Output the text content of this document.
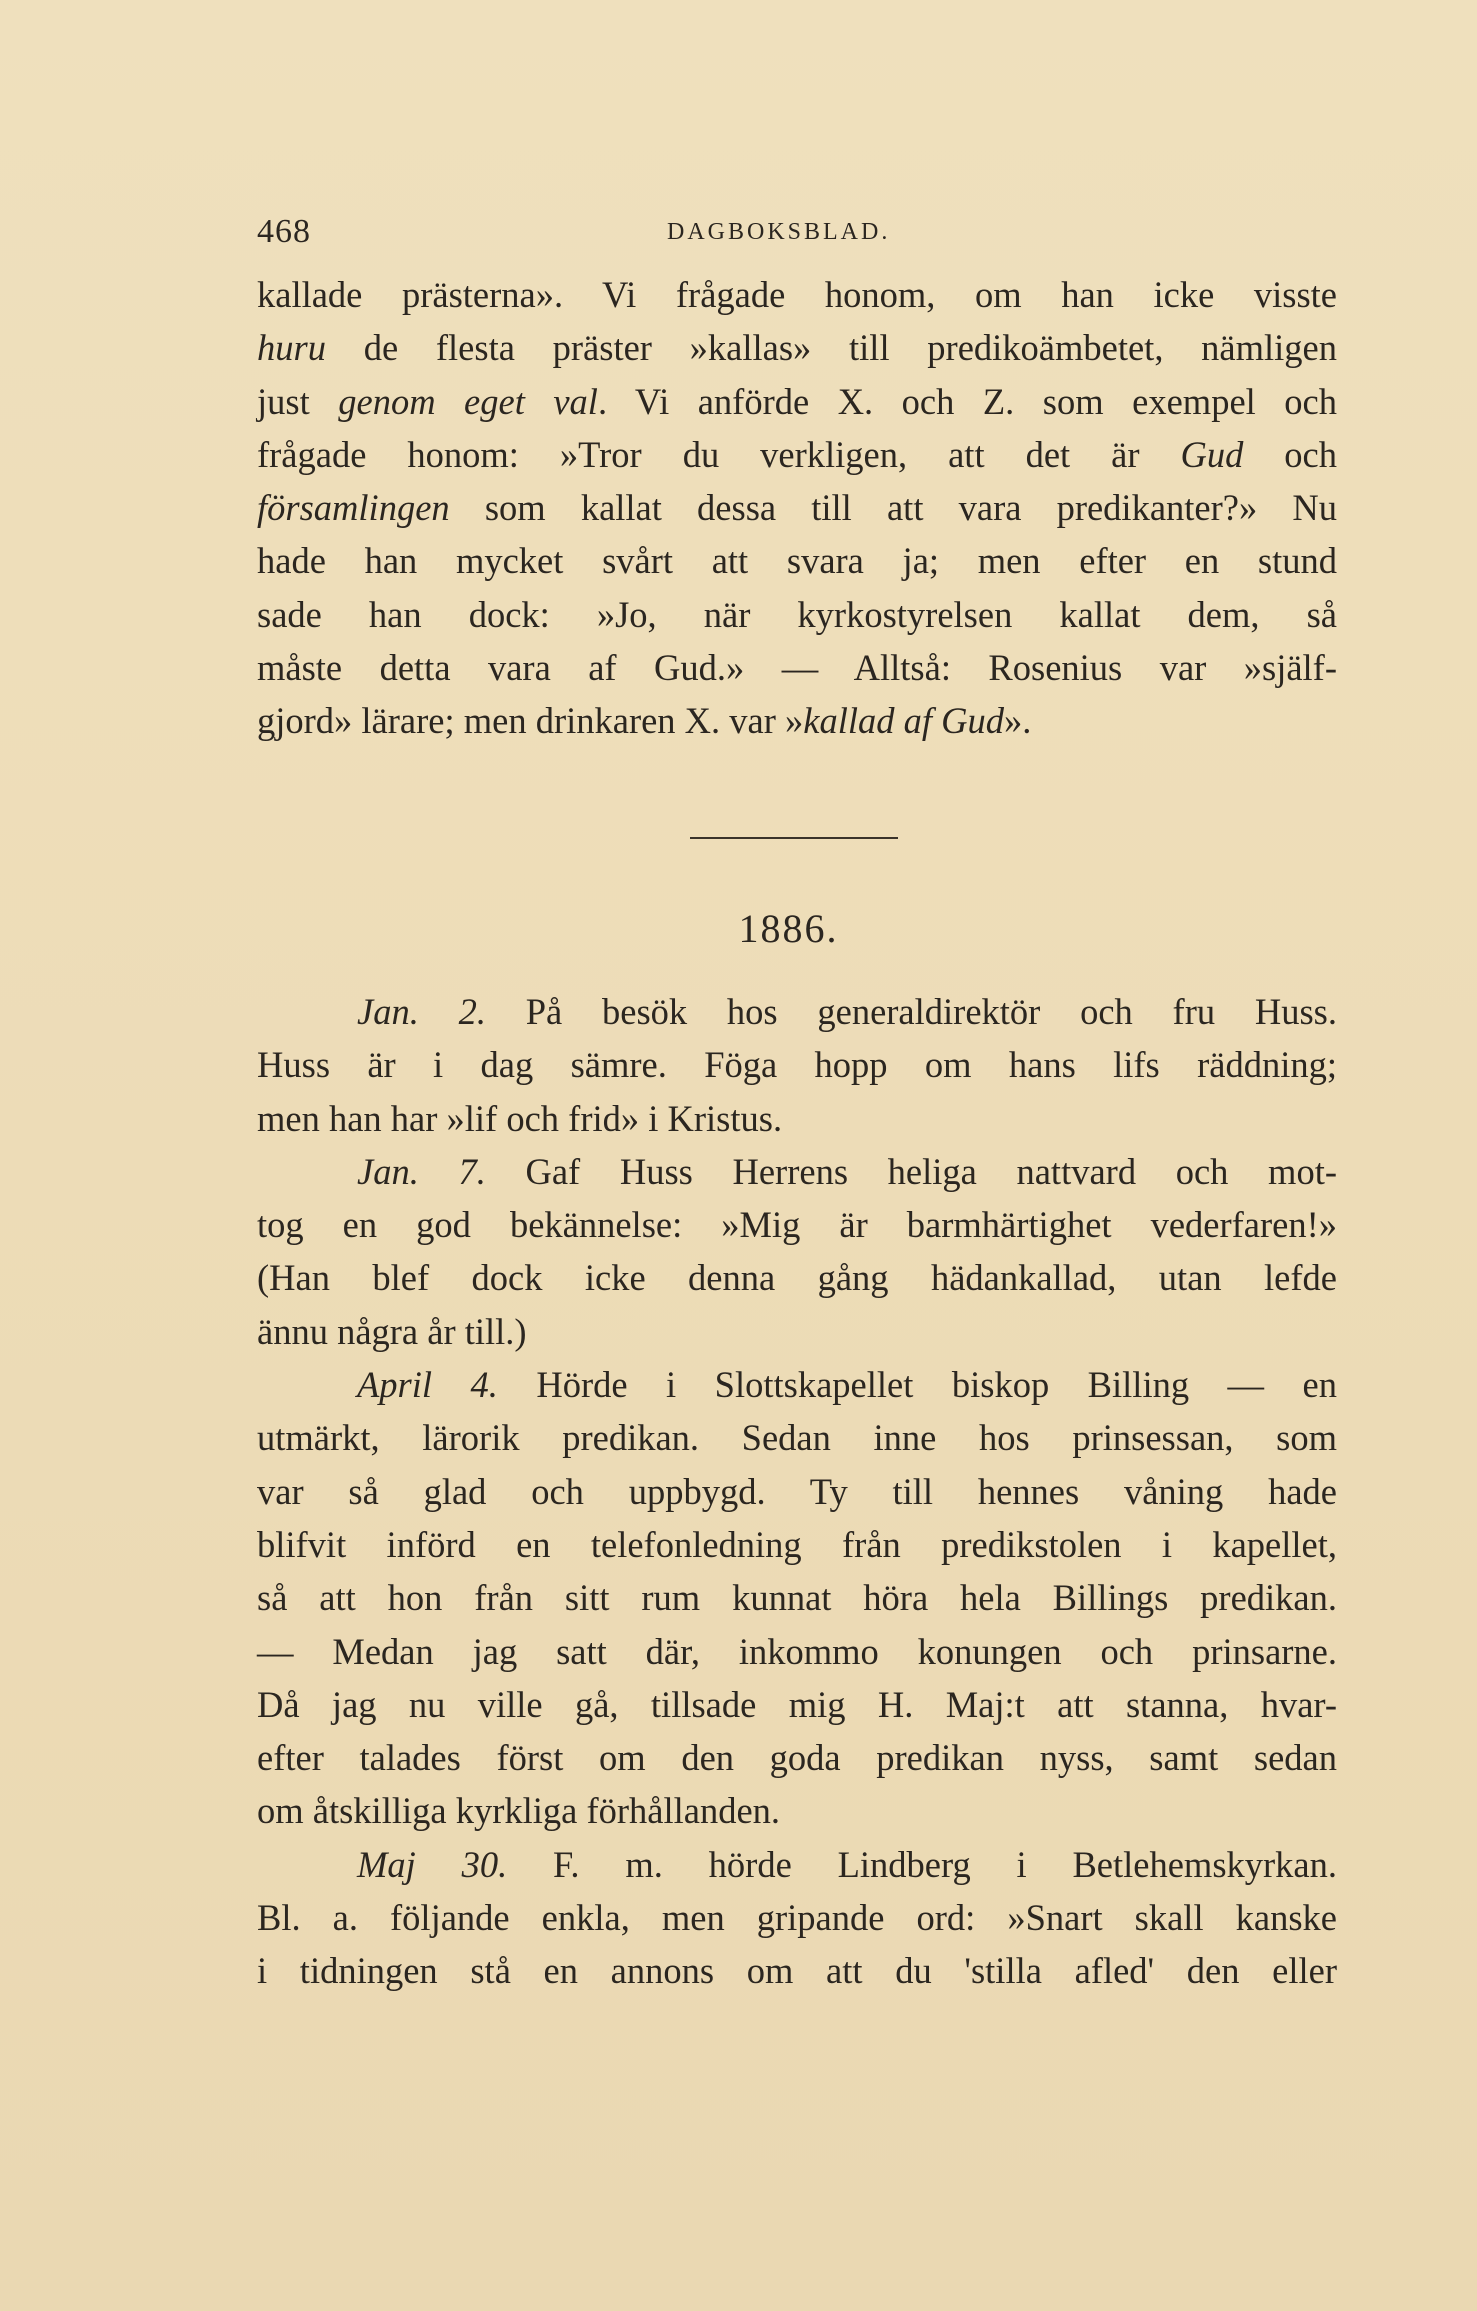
468	DAGBOKSBLAD.
kallade prästerna». Vi frågade honom, om han icke visste
huru de flesta präster »kallas» till predikoämbetet, nämligen
just genom eget val. Vi anförde X. och Z. som exempel och
frågade honom: »Tror du verkligen, att det är Gud och
församlingen som kallat dessa till att vara predikanter?» Nu
hade han mycket svårt att svara ja; men efter en stund
sade han dock: »Jo, när kyrkostyrelsen kallat dem, så
måste detta vara af Gud.» — Alltså: Rosenius var »själf-
gjord» lärare; men drinkaren X. var »kallad af Gud».
1886.
Jan. 2. På besök hos generaldirektör och fru Huss.
Huss är i dag sämre. Föga hopp om hans lifs räddning;
men han har »lif och frid» i Kristus.
Jan. 7. Gaf Huss Herrens heliga nattvard och mot-
tog en god bekännelse: »Mig är barmhärtighet vederfaren!»
(Han blef dock icke denna gång hädankallad, utan lefde
ännu några år till.)
April 4. Hörde i Slottskapellet biskop Billing — en
utmärkt, lärorik predikan. Sedan inne hos prinsessan, som
var så glad och uppbygd. Ty till hennes våning hade
blifvit införd en telefonledning från predikstolen i kapellet,
så att hon från sitt rum kunnat höra hela Billings predikan.
— Medan jag satt där, inkommo konungen och prinsarne.
Då jag nu ville gå, tillsade mig H. Maj:t att stanna, hvar-
efter talades först om den goda predikan nyss, samt sedan
om åtskilliga kyrkliga förhållanden.
Maj 30. F. m. hörde Lindberg i Betlehemskyrkan.
Bl. a. följande enkla, men gripande ord: »Snart skall kanske
i tidningen stå en annons om att du 'stilla afled' den eller
